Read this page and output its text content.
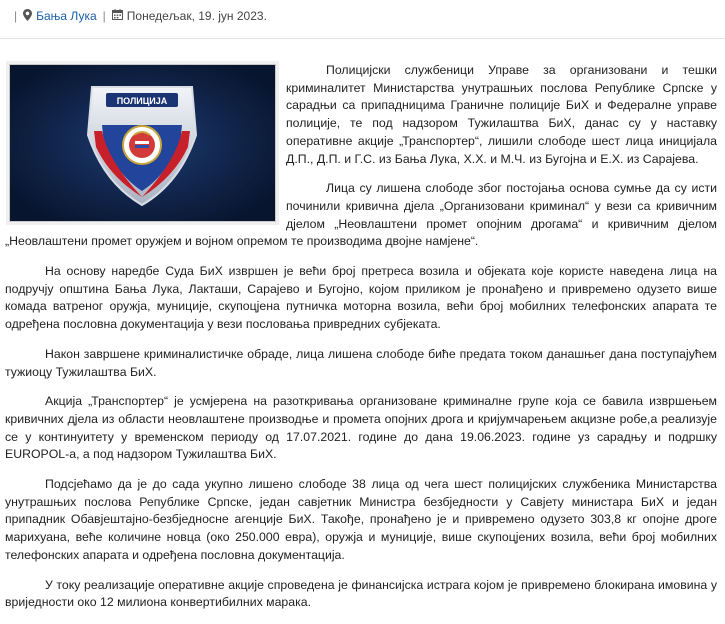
| Бања Лука | Понедељак, 19. јун 2023.
ПОЛИЦИЈА

Полицијски службеници Управе за организовани и тешки криминалитет Министарства унутрашњих послова Републике Српске у сарадњи са припадницима Граничне полиције БиХ и Федералне управе полиције, те под надзором Тужилаштва БиХ, данас су у наставку оперативне акције „Транспортер“, лишили слободе шест лица иницијала Д.П., Д.П. и Г.С. из Бања Лука, Х.Х. и М.Ч. из Бугојна и Е.Х. из Сарајева.

Лица су лишена слободе због постојања основа сумње да су исти починили кривична дјела „Организовани криминал“ у вези са кривичним дјелом „Неовлаштени промет опојним дрогама“ и кривичним дјелом „Неовлаштени промет оружјем и војном опремом те производима двојне намјене“.

На основу наредбе Суда БиХ извршен је већи број претреса возила и објеката које користе наведена лица на подручју општина Бања Лука, Лакташи, Сарајево и Бугојно, којом приликом је пронађено и привремено одузето више комада ватреног оружја, муниције, скупоцјена путничка моторна возила, већи број мобилних телефонских апарата те одређена пословна документација у вези пословања привредних субјеката.

Након завршене криминалистичке обраде, лица лишена слободе биће предата током данашњег дана поступајућем тужиоцу Тужилаштва БиХ.

Акција „Транспортер“ је усмјерена на разоткривања организоване криминалне групе која се бавила извршењем кривичних дјела из области неовлаштене производње и промета опојних дрога и кријумчарењем акцизне робе,а реализује се у континуитету у временском периоду од 17.07.2021. године до дана 19.06.2023. године уз сарадњу и подршку EUROPOL-а, а под надзором Тужилаштва БиХ.

Подсјећамо да је до сада укупно лишено слободе 38 лица од чега шест полицијских службеника Министарства унутрашњих послова Републике Српске, један савјетник Министра безбједности у Савјету министара БиХ и један припадник Обавјештајно-безбједносне агенције БиХ. Такође, пронађено је и привремено одузето 303,8 кг опојне дроге марихуана, веће количине новца (око 250.000 евра), оружја и муниције, више скупоцјених возила, већи број мобилних телефонских апарата и одређена пословна документација.

У току реализације оперативне акције спроведена је финансијска истрага којом је привремено блокирана имовина у вриједности око 12 милиона конвертибилних марака.
